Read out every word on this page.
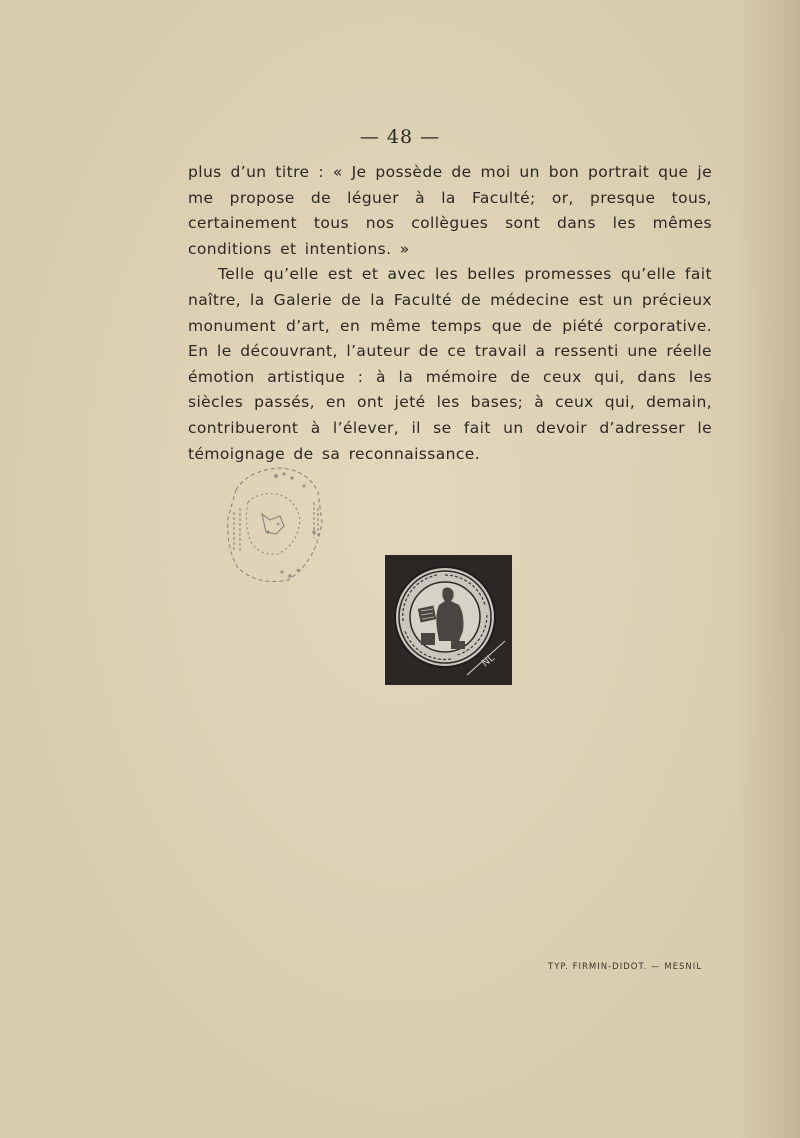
— 48 —

plus d’un titre : « Je possède de moi un bon portrait que je me propose de léguer à la Faculté; or, presque tous, certainement tous nos collègues sont dans les mêmes conditions et intentions. »

Telle qu’elle est et avec les belles promesses qu’elle fait naître, la Galerie de la Faculté de médecine est un précieux monument d’art, en même temps que de piété corporative. En le découvrant, l’auteur de ce travail a ressenti une réelle émotion artistique : à la mémoire de ceux qui, dans les siècles passés, en ont jeté les bases; à ceux qui, demain, contribueront à l’élever, il se fait un devoir d’adresser le témoignage de sa reconnaissance.

NL
TYP. FIRMIN-DIDOT. — MESNIL
